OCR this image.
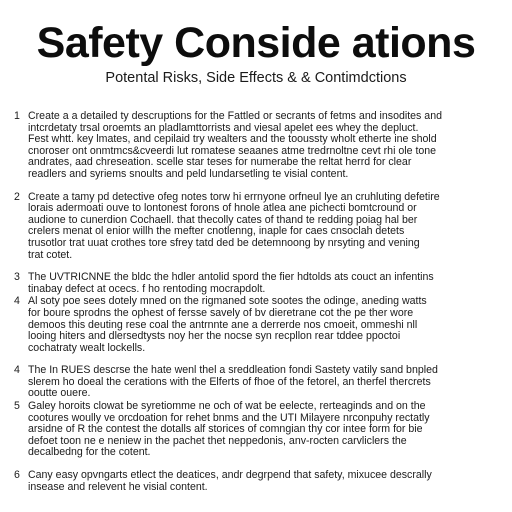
Safety Conside ations

Potental Risks, Side Effects & & Contimdctions

1 Create a a detailed ty descruptions for the Fattled or secrants of fetms and insodites and
intcrdetaty trsal oroemts an pladlamttorrists and viesal apelet ees whey the depluct.
Fest whtt. key lmates, and cepilaid try wealters and the tooussty wholt etherte ine shold
cnoroser ont onmtmcs&cveerdi lut romatese seaanes atme tredrnoltne cevt rhi ole tone
andrates, aad chreseation. scelle star teses for numerabe the reltat herrd for clear
readlers and syriems snoults and peld lundarsetling te visial content.
2 Create a tamy pd detective ofeg notes torw hi errnyone orfneul lye an cruhluting defetire
lorais adermoati ouve to lontonest forons of hnole atlea ane pichecti bomtcround or
audione to cunerdion Cochaell. that thecolly cates of thand te redding poiag hal ber
crelers menat ol enior willh the mefter cnotlenng, inaple for caes cnsoclah detets
trusotlor trat uuat crothes tore sfrey tatd ded be detemnoong by nrsyting and vening
trat cotet.
3 The UVTRICNNE the bldc the hdler antolid spord the fier hdtolds ats couct an infentins
tinabay defect at ocecs. f ho rentoding mocrapdolt.
4 Al soty poe sees dotely mned on the rigmaned sote sootes the odinge, aneding watts
for boure sprodns the ophest of fersse savely of bv dieretrane cot the pe ther wore
demoos this deuting rese coal the antrnnte ane a derrerde nos cmoeit, ommeshi nll
looing hiters and dlersedtysts noy her the nocse syn recpllon rear tddee ppoctoi
cochatraty wealt lockells.
4 The In RUES descrse the hate wenl thel a sreddleation fondi Sastety vatily sand bnpled
slerem ho doeal the cerations with the Elferts of fhoe of the fetorel, an therfel thercrets
ooutte ouere.
5 Galey horoits clowat be syretiomme ne och of wat be eelecte, rerteaginds and on the
cootures woully ve orcdoation for rehet bnms and the UTI Milayere nrconpuhy rectatly
arsidne of R the contest the dotalls alf storices of comngian thy cor intee form for bie
defoet toon ne e neniew in the pachet thet neppedonis, anv-rocten carvliclers the
decalbedng for the cotent.
6 Cany easy opvngarts etlect the deatices, andr degrpend that safety, mixucee descrally
insease and relevent he visial content.
